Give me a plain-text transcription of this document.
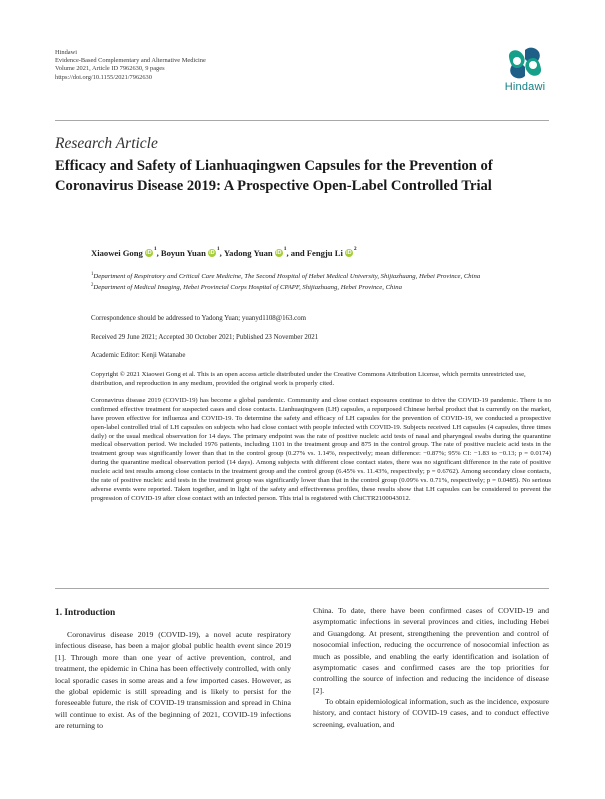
Hindawi
Evidence-Based Complementary and Alternative Medicine
Volume 2021, Article ID 7962630, 9 pages
https://doi.org/10.1155/2021/7962630
Hindawi
Research Article
Efficacy and Safety of Lianhuaqingwen Capsules for the Prevention of Coronavirus Disease 2019: A Prospective Open-Label Controlled Trial
Xiaowei Gong iD
1 , Boyun Yuan iD
1 , Yadong Yuan iD
1 , and Fengju Li iD
2
$^1$Department of Respiratory and Critical Care Medicine, The Second Hospital of Hebei Medical University, Shijiazhuang, Hebei Province, China
$^2$Department of Medical Imaging, Hebei Provincial Corps Hospital of CPAPF, Shijiazhuang, Hebei Province, China
Correspondence should be addressed to Yadong Yuan; yuanyd1108@163.com
Received 29 June 2021; Accepted 30 October 2021; Published 23 November 2021
Academic Editor: Kenji Watanabe
Copyright © 2021 Xiaowei Gong et al. This is an open access article distributed under the Creative Commons Attribution License, which permits unrestricted use, distribution, and reproduction in any medium, provided the original work is properly cited.
Coronavirus disease 2019 (COVID-19) has become a global pandemic. Community and close contact exposures continue to drive the COVID-19 pandemic. There is no confirmed effective treatment for suspected cases and close contacts. Lianhuaqingwen (LH) capsules, a repurposed Chinese herbal product that is currently on the market, have proven effective for influenza and COVID-19. To determine the safety and efficacy of LH capsules for the prevention of COVID-19, we conducted a prospective open-label controlled trial of LH capsules on subjects who had close contact with people infected with COVID-19. Subjects received LH capsules (4 capsules, three times daily) or the usual medical observation for 14 days. The primary endpoint was the rate of positive nucleic acid tests of nasal and pharyngeal swabs during the quarantine medical observation period. We included 1976 patients, including 1101 in the treatment group and 875 in the control group. The rate of positive nucleic acid tests in the treatment group was significantly lower than that in the control group (0.27% vs. 1.14%, respectively; mean difference: −0.87%; 95% CI: −1.83 to −0.13; p = 0.0174) during the quarantine medical observation period (14 days). Among subjects with different close contact states, there was no significant difference in the rate of positive nucleic acid test results among close contacts in the treatment group and the control group (6.45% vs. 11.43%, respectively; p = 0.6762). Among secondary close contacts, the rate of positive nucleic acid tests in the treatment group was significantly lower than that in the control group (0.09% vs. 0.71%, respectively; p = 0.0485). No serious adverse events were reported. Taken together, and in light of the safety and effectiveness profiles, these results show that LH capsules can be considered to prevent the progression of COVID-19 after close contact with an infected person. This trial is registered with ChiCTR2100043012.
1. Introduction

Coronavirus disease 2019 (COVID-19), a novel acute respiratory infectious disease, has been a major global public health event since 2019 [1]. Through more than one year of active prevention, control, and treatment, the epidemic in China has been effectively controlled, with only local sporadic cases in some areas and a few imported cases. However, as the global epidemic is still spreading and is likely to persist for the foreseeable future, the risk of COVID-19 transmission and spread in China will continue to exist. As of the beginning of 2021, COVID-19 infections are returning to

China. To date, there have been confirmed cases of COVID-19 and asymptomatic infections in several provinces and cities, including Hebei and Guangdong. At present, strengthening the prevention and control of nosocomial infection, reducing the occurrence of nosocomial infection as much as possible, and enabling the early identification and isolation of asymptomatic cases and confirmed cases are the top priorities for controlling the source of infection and reducing the incidence of disease [2].

To obtain epidemiological information, such as the incidence, exposure history, and contact history of COVID-19 cases, and to conduct effective screening, evaluation, and
